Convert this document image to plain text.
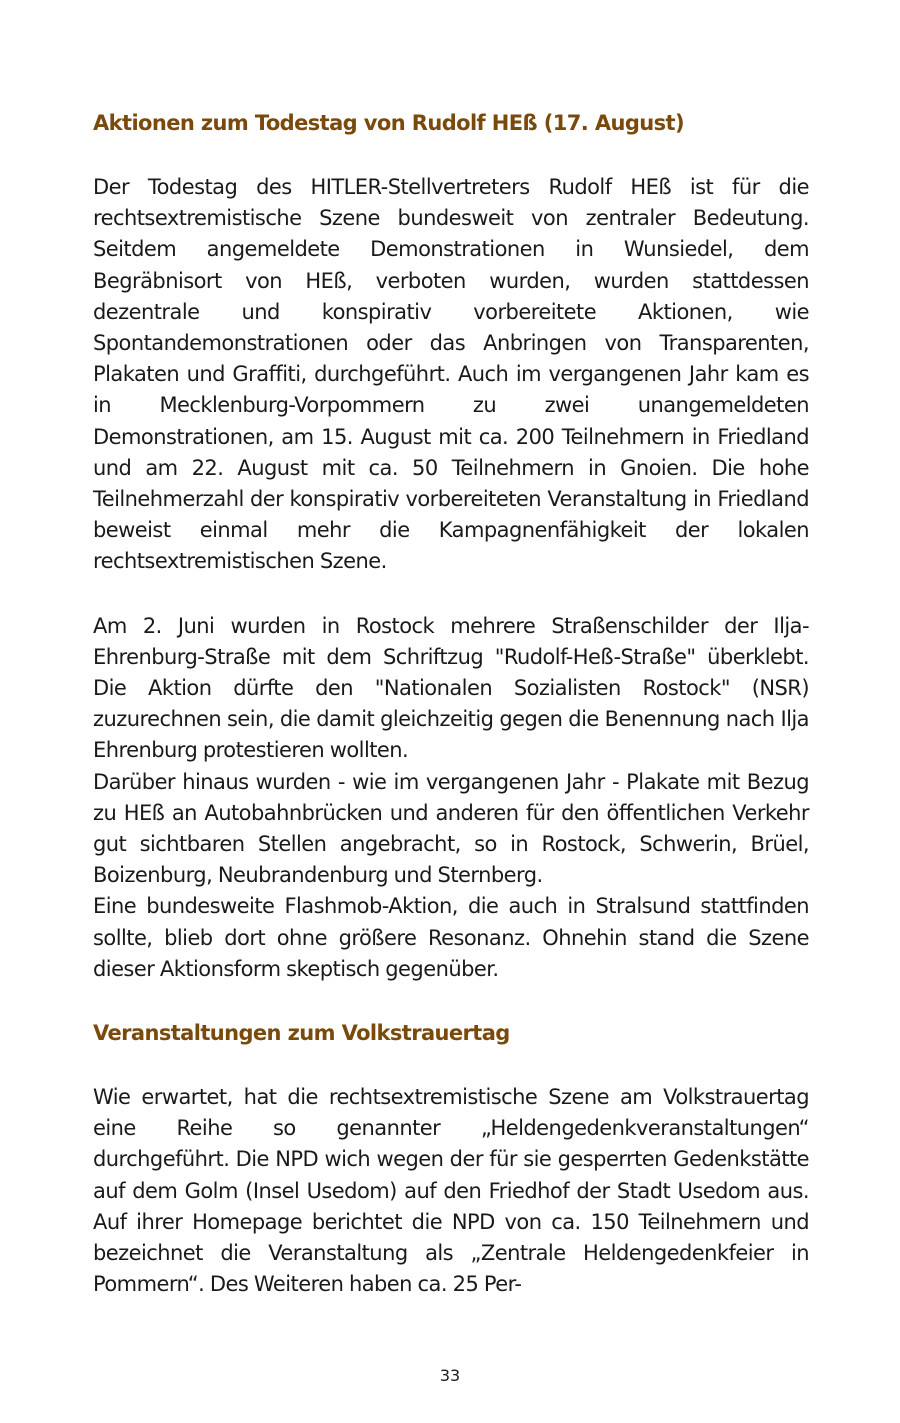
Aktionen zum Todestag von Rudolf HEß (17. August)

Der Todestag des HITLER-Stellvertreters Rudolf HEß ist für die rechtsextremistische Szene bundesweit von zentraler Bedeutung. Seitdem angemeldete Demonstrationen in Wunsiedel, dem Begräbnisort von HEß, verboten wurden, wurden stattdessen dezentrale und konspirativ vorbereitete Aktionen, wie Spontandemonstrationen oder das Anbringen von Transparenten, Plakaten und Graffiti, durchgeführt. Auch im vergangenen Jahr kam es in Mecklenburg-Vorpommern zu zwei unangemeldeten Demonstrationen, am 15. August mit ca. 200 Teilnehmern in Friedland und am 22. August mit ca. 50 Teilnehmern in Gnoien. Die hohe Teilnehmerzahl der konspirativ vorbereiteten Veranstaltung in Friedland beweist einmal mehr die Kampagnenfähigkeit der lokalen rechtsextremistischen Szene.

Am 2. Juni wurden in Rostock mehrere Straßenschilder der Ilja-Ehrenburg-Straße mit dem Schriftzug "Rudolf-Heß-Straße" überklebt. Die Aktion dürfte den "Nationalen Sozialisten Rostock" (NSR) zuzurechnen sein, die damit gleichzeitig gegen die Benennung nach Ilja Ehrenburg protestieren wollten.

Darüber hinaus wurden - wie im vergangenen Jahr - Plakate mit Bezug zu HEß an Autobahnbrücken und anderen für den öffentlichen Verkehr gut sichtbaren Stellen angebracht, so in Rostock, Schwerin, Brüel, Boizenburg, Neubrandenburg und Sternberg.

Eine bundesweite Flashmob-Aktion, die auch in Stralsund stattfinden sollte, blieb dort ohne größere Resonanz. Ohnehin stand die Szene dieser Aktionsform skeptisch gegenüber.

Veranstaltungen zum Volkstrauertag

Wie erwartet, hat die rechtsextremistische Szene am Volkstrauertag eine Reihe so genannter „Heldengedenkveranstaltungen“ durchgeführt. Die NPD wich wegen der für sie gesperrten Gedenkstätte auf dem Golm (Insel Usedom) auf den Friedhof der Stadt Usedom aus. Auf ihrer Homepage berichtet die NPD von ca. 150 Teilnehmern und bezeichnet die Veranstaltung als „Zentrale Heldengedenkfeier in Pommern“. Des Weiteren haben ca. 25 Per-

33
